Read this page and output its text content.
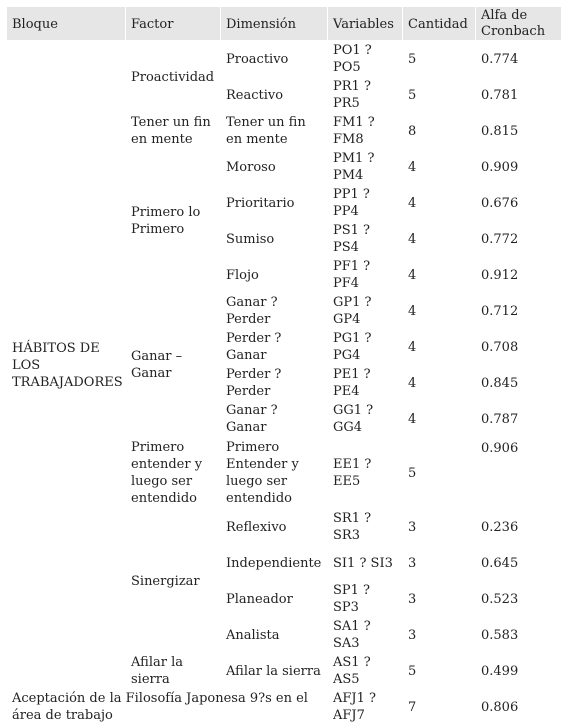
Bloque	Factor	Dimensión	Variables	Cantidad	Alfa de Cronbach
HÁBITOS DE LOS TRABAJADORES	Proactividad	Proactivo	PO1 ? PO5	5	0.774
		Reactivo	PR1 ? PR5	5	0.781
	Tener un fin en mente	Tener un fin en mente	FM1 ? FM8	8	0.815
	Primero lo Primero	Moroso	PM1 ? PM4	4	0.909
		Prioritario	PP1 ? PP4	4	0.676
		Sumiso	PS1 ? PS4	4	0.772
		Flojo	PF1 ? PF4	4	0.912
	Ganar – Ganar	Ganar ? Perder	GP1 ? GP4	4	0.712
		Perder ? Ganar	PG1 ? PG4	4	0.708
		Perder ? Perder	PE1 ? PE4	4	0.845
		Ganar ? Ganar	GG1 ? GG4	4	0.787
	Primero entender y luego ser entendido	Primero Entender y luego ser entendido	EE1 ? EE5	5	0.906
	Sinergizar	Reflexivo	SR1 ? SR3	3	0.236
		Independiente	SI1 ? SI3	3	0.645
		Planeador	SP1 ? SP3	3	0.523
		Analista	SA1 ? SA3	3	0.583
	Afilar la sierra	Afilar la sierra	AS1 ? AS5	5	0.499
Aceptación de la Filosofía Japonesa 9?s en el área de trabajo			AFJ1 ? AFJ7	7	0.806
